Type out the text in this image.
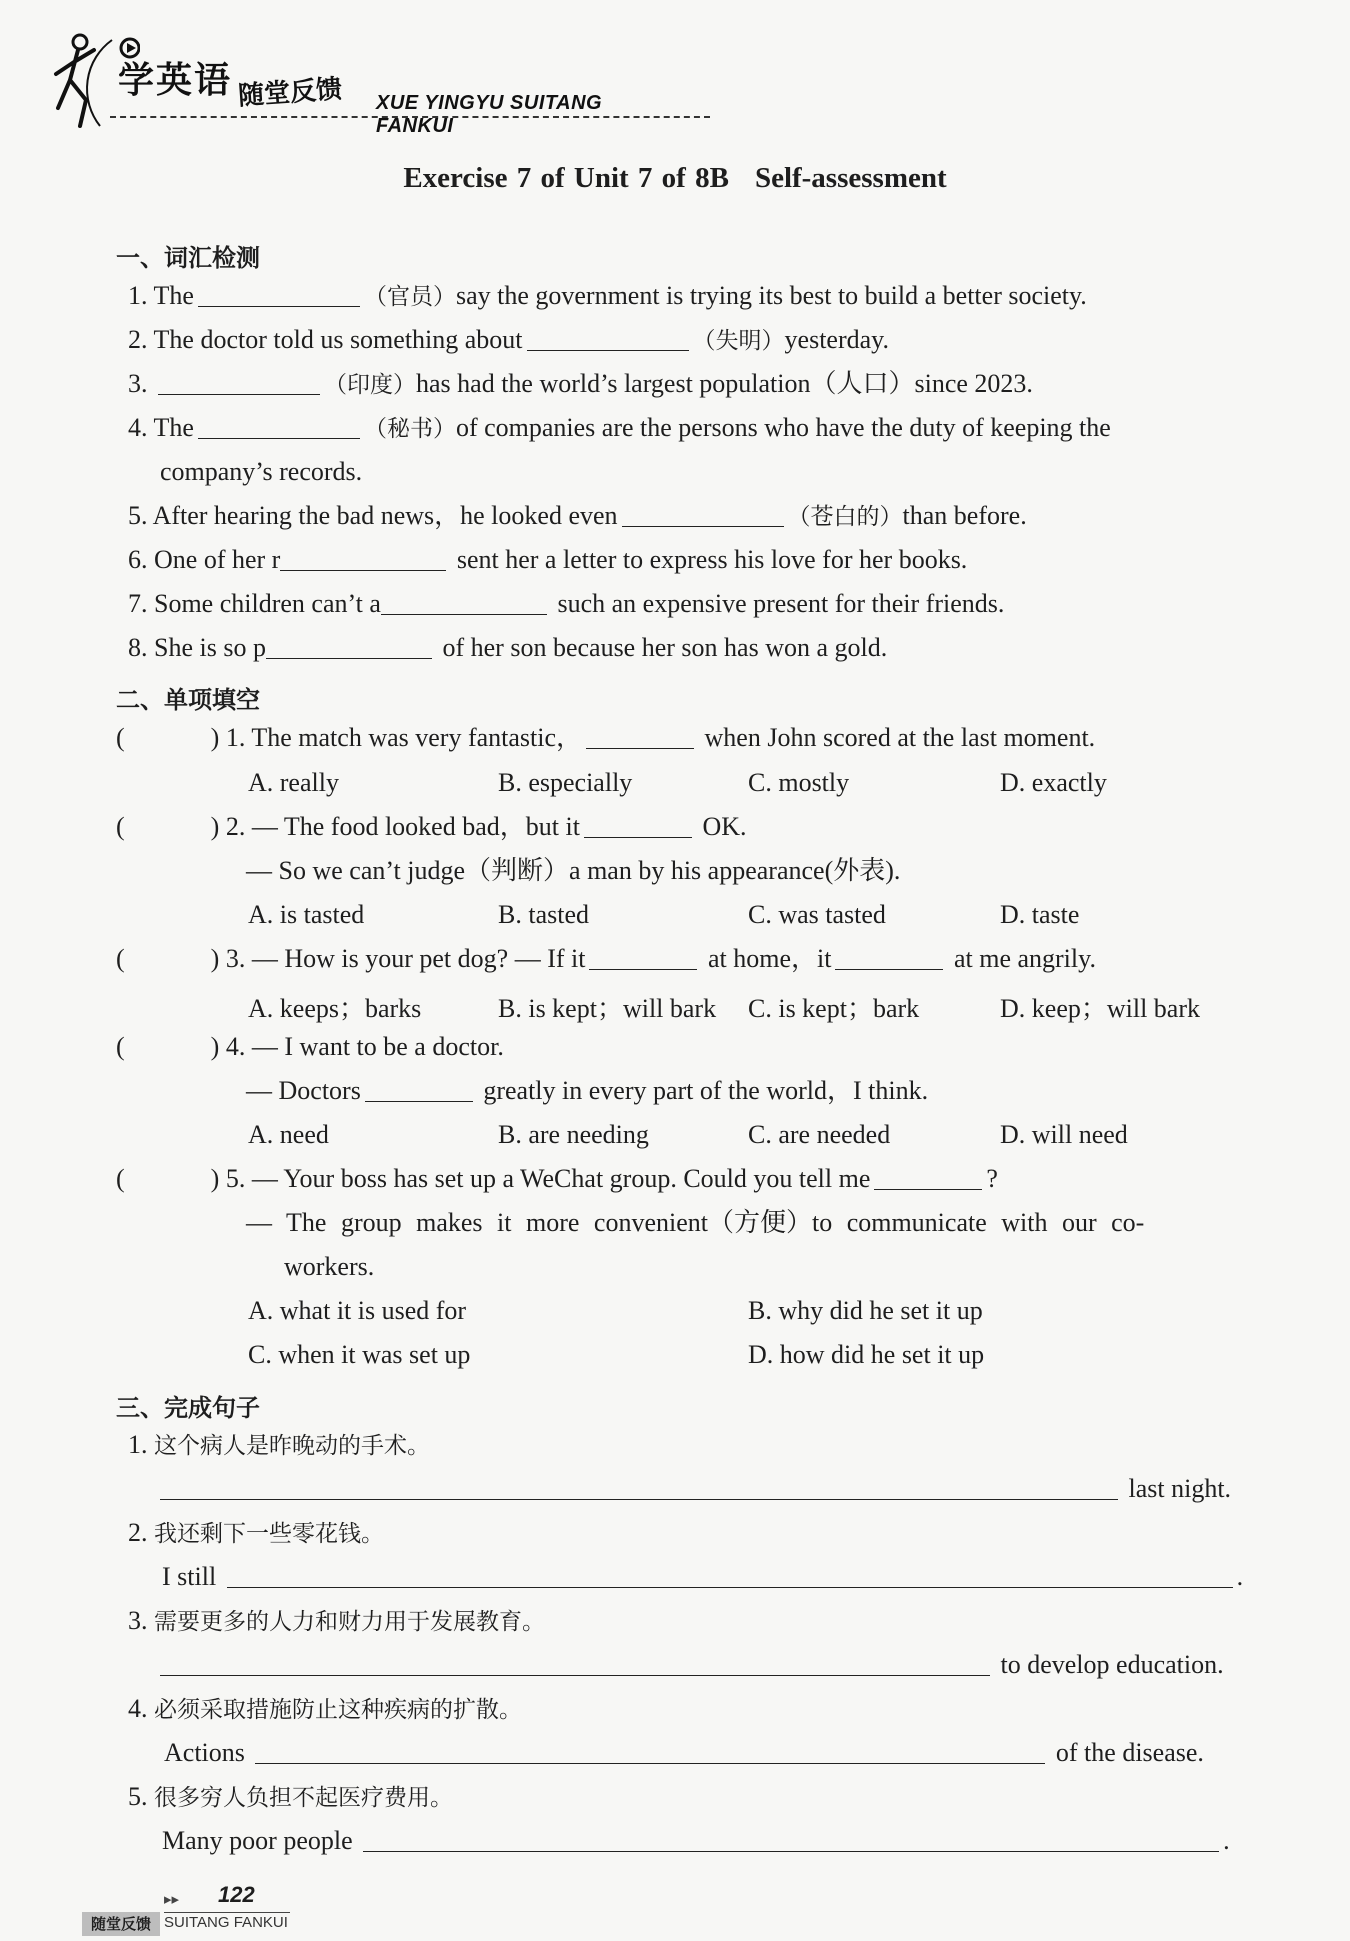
学英语 随堂反馈 XUE YINGYU SUITANG FANKUI
Exercise 7 of Unit 7 of 8B Self-assessment
一、词汇检测
1. The	（官员）say the government is trying its best to build a better society.
2. The doctor told us something about	（失明）yesterday.
3.	（印度）has had the world’s largest population（人口）since 2023.
4. The	（秘书）of companies are the persons who have the duty of keeping the
company’s records.
5. After hearing the bad news，he looked even	（苍白的）than before.
6. One of her r	sent her a letter to express his love for her books.
7. Some children can’t a	such an expensive present for their friends.
8. She is so p	of her son because her son has won a gold.
二、单项填空
(	) 1. The match was very fantastic，	when John scored at the last moment.
A. really	B. especially	C. mostly	D. exactly
(	) 2. — The food looked bad，but it	OK.
— So we can’t judge（判断）a man by his appearance(外表).
A. is tasted	B. tasted	C. was tasted	D. taste
(	) 3. — How is your pet dog? — If it	at home，it	at me angrily.
A. keeps；barks	B. is kept；will bark C. is kept；bark	D. keep；will bark
(	) 4. — I want to be a doctor.
— Doctors	greatly in every part of the world，I think.
A. need	B. are needing	C. are needed	D. will need
(	) 5. — Your boss has set up a WeChat group. Could you tell me	?
— The group makes it more convenient（方便）to communicate with our co-
workers.
A. what it is used for	B. why did he set it up
C. when it was set up	D. how did he set it up
三、完成句子
1. 这个病人是昨晚动的手术。
last night.
2. 我还剩下一些零花钱。
I still	.
3. 需要更多的人力和财力用于发展教育。
to develop education.
4. 必须采取措施防止这种疾病的扩散。
Actions	of the disease.
5. 很多穷人负担不起医疗费用。
Many poor people	.
▸▸ 122
随堂反馈 SUITANG FANKUI
